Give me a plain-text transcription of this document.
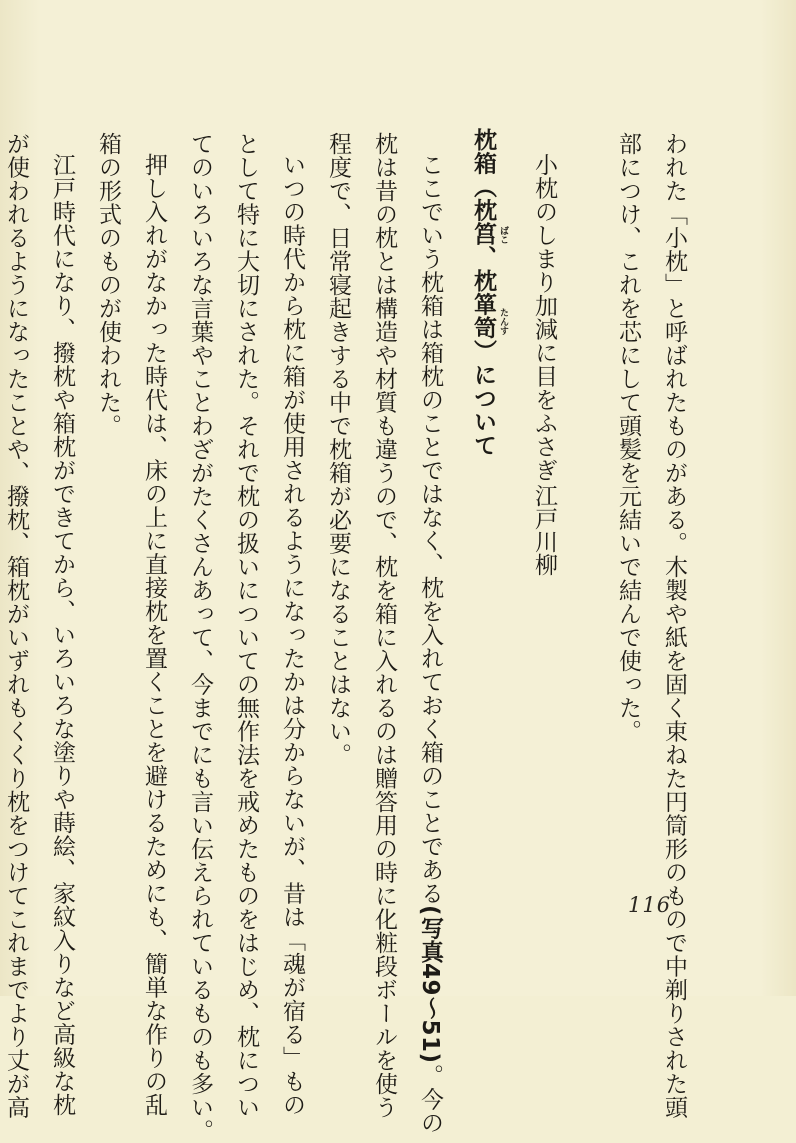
われた「小枕」と呼ばれたものがある。木製や紙を固く束ねた円筒形のもので中剃りされた頭
部につけ、これを芯にして頭髪を元結いで結んで使った。
小枕のしまり加減に目をふさぎ
江戸川柳
枕箱（枕筥 ばこ
、枕箪笥 たんす
）について
ここでいう枕箱は箱枕のことではなく、枕を入れておく箱のことである(写真49～51)。今の
枕は昔の枕とは構造や材質も違うので、枕を箱に入れるのは贈答用の時に化粧段ボールを使う
程度で、日常寝起きする中で枕箱が必要になることはない。
いつの時代から枕に箱が使用されるようになったかは分からないが、昔は「魂が宿る」もの
として特に大切にされた。それで枕の扱いについての無作法を戒めたものをはじめ、枕につい
てのいろいろな言葉やことわざがたくさんあって、今までにも言い伝えられているものも多い。
押し入れがなかった時代は、床の上に直接枕を置くことを避けるためにも、簡単な作りの乱
箱の形式のものが使われた。
江戸時代になり、撥枕や箱枕ができてから、いろいろな塗りや蒔絵、家紋入りなど高級な枕
が使われるようになったことや、撥枕、箱枕がいずれもくくり枕をつけてこれまでより丈が高	116
